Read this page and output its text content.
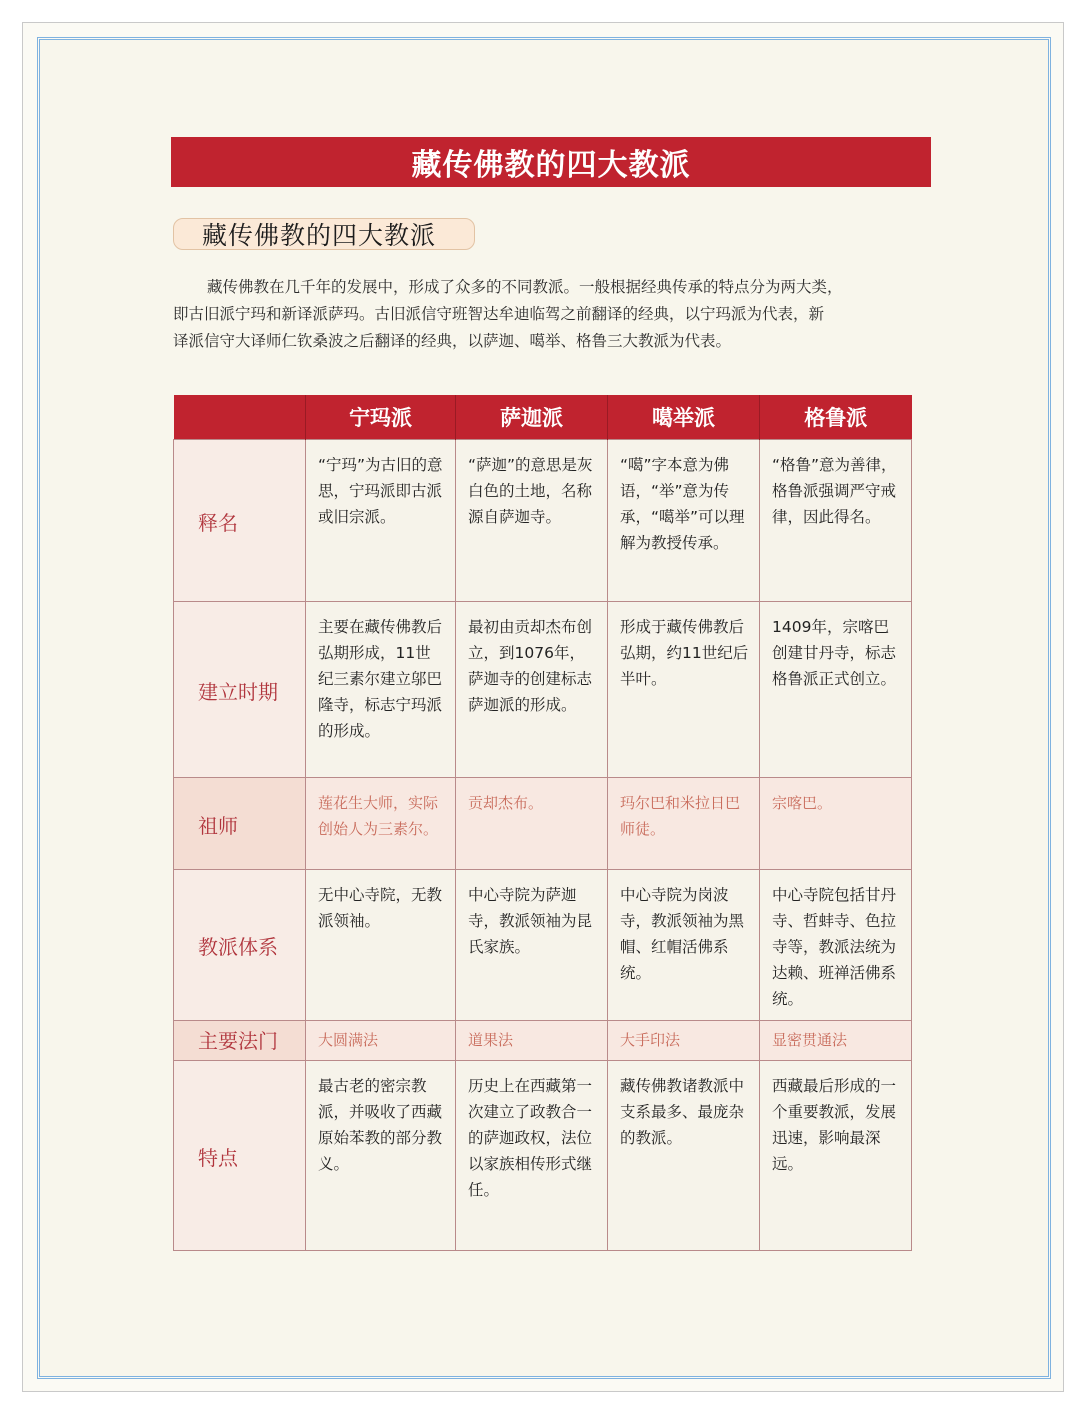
藏传佛教的四大教派
藏传佛教的四大教派
藏传佛教在几千年的发展中，形成了众多的不同教派。一般根据经典传承的特点分为两大类，
即古旧派宁玛和新译派萨玛。古旧派信守班智达牟迪临驾之前翻译的经典，以宁玛派为代表，新
译派信守大译师仁钦桑波之后翻译的经典，以萨迦、噶举、格鲁三大教派为代表。
	宁玛派	萨迦派	噶举派	格鲁派
释名	“宁玛”为古旧的意思，宁玛派即古派或旧宗派。	“萨迦”的意思是灰白色的土地，名称源自萨迦寺。	“噶”字本意为佛语，“举”意为传承，“噶举”可以理解为教授传承。	“格鲁”意为善律，格鲁派强调严守戒律，因此得名。
建立时期	主要在藏传佛教后弘期形成，11世纪三素尔建立邬巴隆寺，标志宁玛派的形成。	最初由贡却杰布创立，到1076年，萨迦寺的创建标志萨迦派的形成。	形成于藏传佛教后弘期，约11世纪后半叶。	1409年，宗喀巴创建甘丹寺，标志格鲁派正式创立。
祖师	莲花生大师，实际创始人为三素尔。	贡却杰布。	玛尔巴和米拉日巴师徒。	宗喀巴。
教派体系	无中心寺院，无教派领袖。	中心寺院为萨迦寺，教派领袖为昆氏家族。	中心寺院为岗波寺，教派领袖为黑帽、红帽活佛系统。	中心寺院包括甘丹寺、哲蚌寺、色拉寺等，教派法统为达赖、班禅活佛系统。
主要法门	大圆满法	道果法	大手印法	显密贯通法
特点	最古老的密宗教派，并吸收了西藏原始苯教的部分教义。	历史上在西藏第一次建立了政教合一的萨迦政权，法位以家族相传形式继任。	藏传佛教诸教派中支系最多、最庞杂的教派。	西藏最后形成的一个重要教派，发展迅速，影响最深远。
